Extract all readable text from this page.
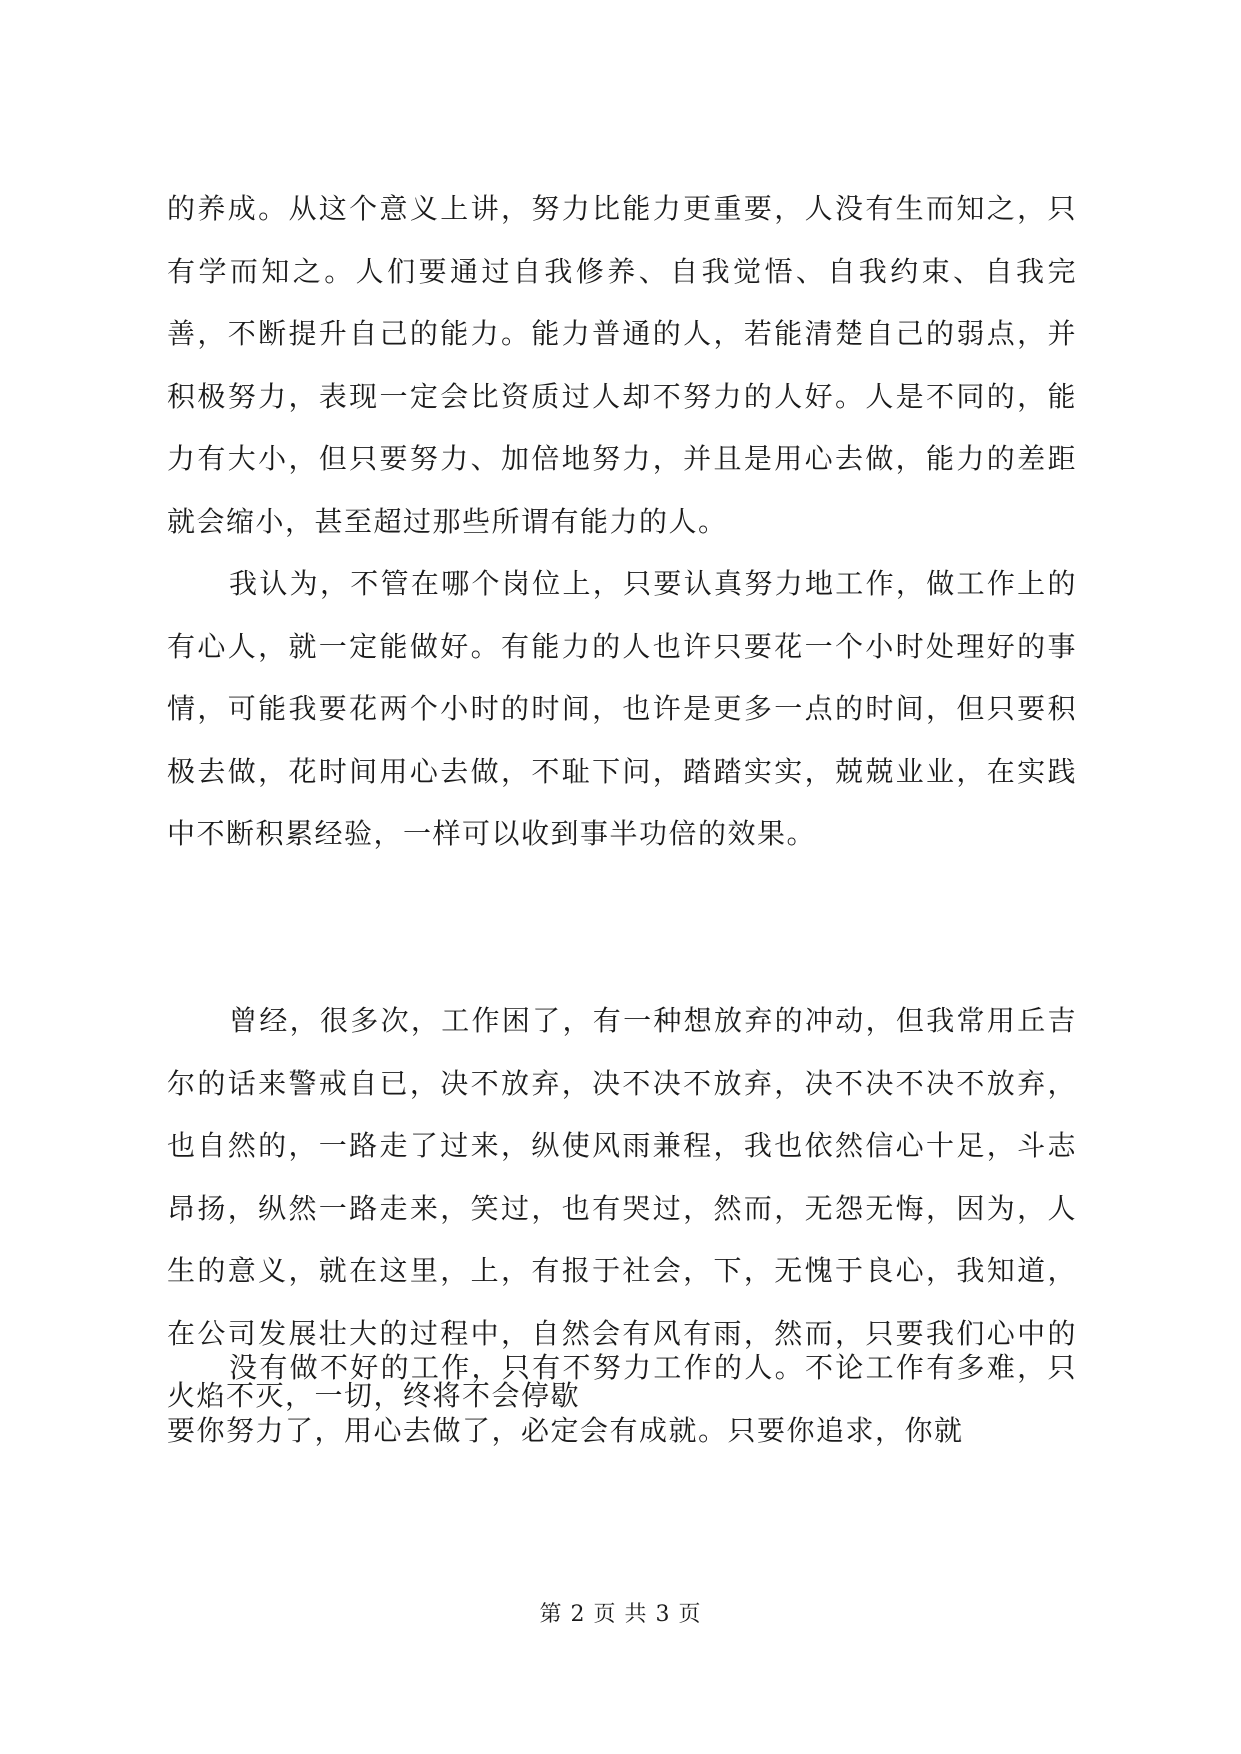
的养成。从这个意义上讲，努力比能力更重要，人没有生而知之，只有学而知之。人们要通过自我修养、自我觉悟、自我约束、自我完善，不断提升自己的能力。能力普通的人，若能清楚自己的弱点，并积极努力，表现一定会比资质过人却不努力的人好。人是不同的，能力有大小，但只要努力、加倍地努力，并且是用心去做，能力的差距就会缩小，甚至超过那些所谓有能力的人。

我认为，不管在哪个岗位上，只要认真努力地工作，做工作上的有心人，就一定能做好。有能力的人也许只要花一个小时处理好的事情，可能我要花两个小时的时间，也许是更多一点的时间，但只要积极去做，花时间用心去做，不耻下问，踏踏实实，兢兢业业，在实践中不断积累经验，一样可以收到事半功倍的效果。

曾经，很多次，工作困了，有一种想放弃的冲动，但我常用丘吉尔的话来警戒自已，决不放弃，决不决不放弃，决不决不决不放弃，也自然的，一路走了过来，纵使风雨兼程，我也依然信心十足，斗志昂扬，纵然一路走来，笑过，也有哭过，然而，无怨无悔，因为，人生的意义，就在这里，上，有报于社会，下，无愧于良心，我知道，在公司发展壮大的过程中，自然会有风有雨，然而，只要我们心中的火焰不灭，一切，终将不会停歇

没有做不好的工作，只有不努力工作的人。不论工作有多难，只要你努力了，用心去做了，必定会有成就。只要你追求，你就

第 2 页 共 3 页
